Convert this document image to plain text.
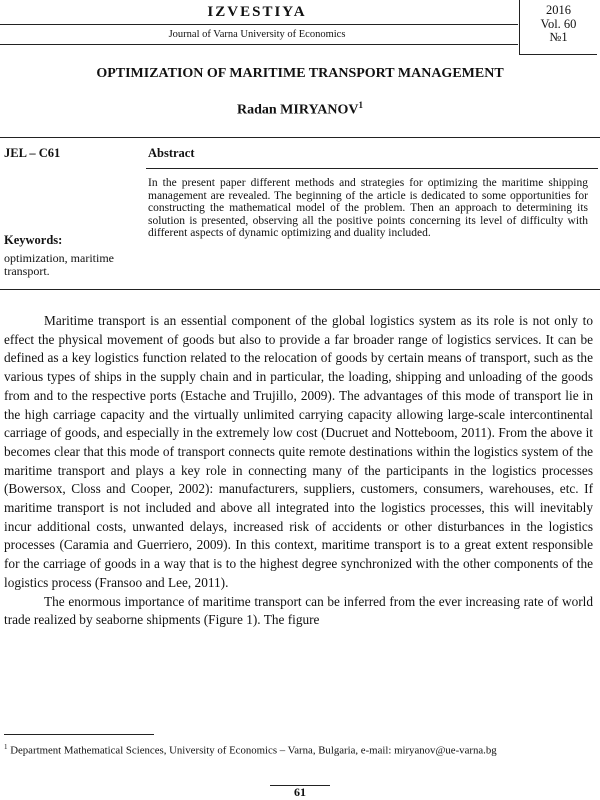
IZVESTIYA
Journal of Varna University of Economics
2016
Vol. 60
№1
OPTIMIZATION OF MARITIME TRANSPORT MANAGEMENT
Radan MIRYANOV$^1$
JEL – C61
Keywords:
optimization, maritime transport.
Abstract
In the present paper different methods and strategies for optimizing the maritime shipping management are revealed. The beginning of the article is dedicated to some opportunities for constructing the mathematical model of the problem. Then an approach to determining its solution is presented, observing all the positive points concerning its level of difficulty with different aspects of dynamic optimizing and duality included.

Maritime transport is an essential component of the global logistics system as its role is not only to effect the physical movement of goods but also to provide a far broader range of logistics services. It can be defined as a key logistics function related to the relocation of goods by certain means of transport, such as the various types of ships in the supply chain and in particular, the loading, shipping and unloading of the goods from and to the respective ports (Estache and Trujillo, 2009). The advantages of this mode of transport lie in the high carriage capacity and the virtually unlimited carrying capacity allowing large-scale intercontinental carriage of goods, and especially in the extremely low cost (Ducruet and Notteboom, 2011). From the above it becomes clear that this mode of transport connects quite remote destinations within the logistics system of the maritime transport and plays a key role in connecting many of the participants in the logistics processes (Bowersox, Closs and Cooper, 2002): manufacturers, suppliers, customers, consumers, warehouses, etc. If maritime transport is not included and above all integrated into the logistics processes, this will inevitably incur additional costs, unwanted delays, increased risk of accidents or other disturbances in the logistics processes (Caramia and Guerriero, 2009). In this context, maritime transport is to a great extent responsible for the carriage of goods in a way that is to the highest degree synchronized with the other components of the logistics process (Fransoo and Lee, 2011).

The enormous importance of maritime transport can be inferred from the ever increasing rate of world trade realized by seaborne shipments (Figure 1). The figure

$^1$ Department Mathematical Sciences, University of Economics – Varna, Bulgaria, e-mail: miryanov@ue-varna.bg
61
